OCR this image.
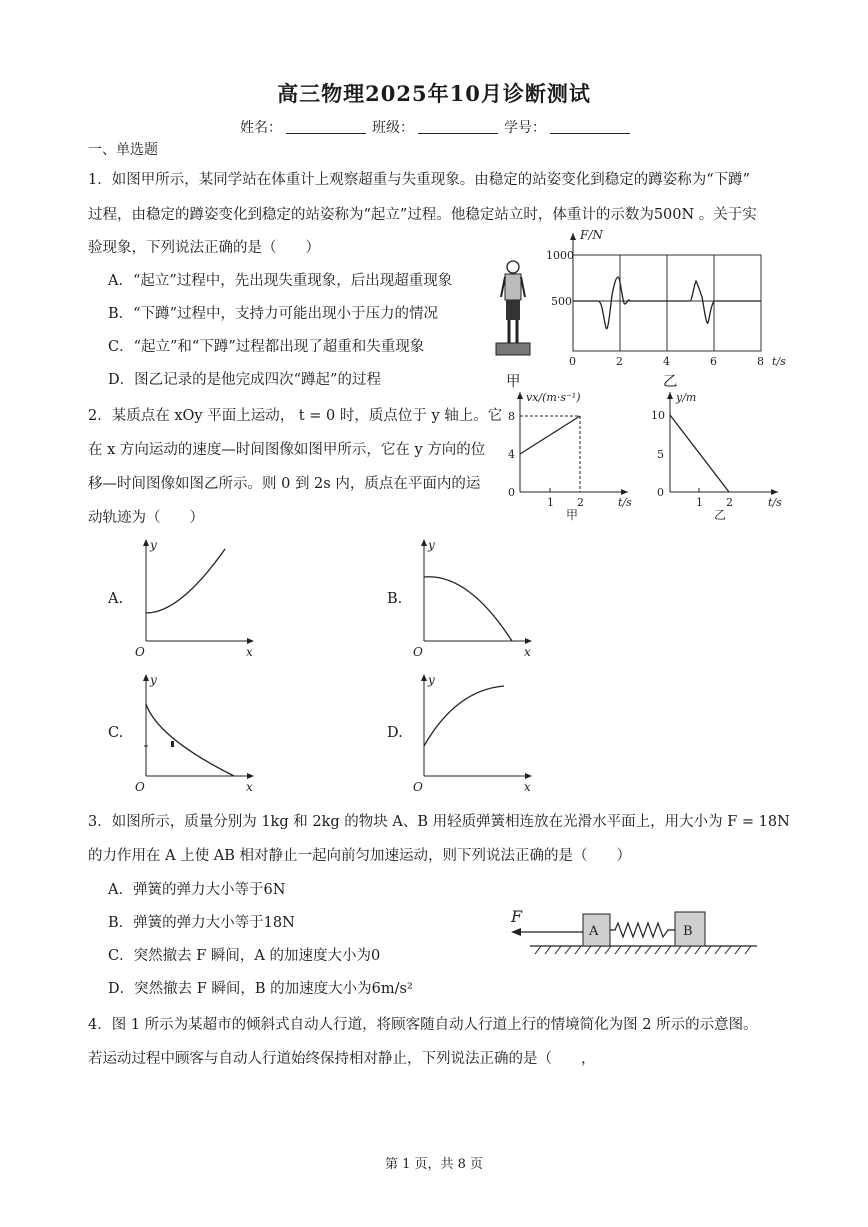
高三物理2025年10月诊断测试
姓名：	班级：	学号：
一、单选题
1．如图甲所示，某同学站在体重计上观察超重与失重现象。由稳定的站姿变化到稳定的蹲姿称为“下蹲”
过程，由稳定的蹲姿变化到稳定的站姿称为“起立”过程。他稳定站立时，体重计的示数为500N 。关于实
验现象，下列说法正确的是（　　）
A．“起立”过程中，先出现失重现象，后出现超重现象
B．“下蹲”过程中，支持力可能出现小于压力的情况
C．“起立”和“下蹲”过程都出现了超重和失重现象
D．图乙记录的是他完成四次“蹲起”的过程	甲
F/N
1000
500
0	2	4	6	8 t/s
乙
2．某质点在 xOy 平面上运动， t = 0 时，质点位于 y 轴上。它
在 x 方向运动的速度—时间图像如图甲所示，它在 y 方向的位
移—时间图像如图乙所示。则 0 到 2s 内，质点在平面内的运
动轨迹为（　　）
vx/(m·s⁻¹)
8
4
0
1 2	t/s
甲
y/m
10
5
0
1 2	t/s
乙
A.
y
O	x
B.
y
O	x
C.
y
O	x
D.
y
O	x
3．如图所示，质量分别为 1kg 和 2kg 的物块 A、B 用轻质弹簧相连放在光滑水平面上，用大小为 F = 18N
的力作用在 A 上使 AB 相对静止一起向前匀加速运动，则下列说法正确的是（　　）
A．弹簧的弹力大小等于6N
B．弹簧的弹力大小等于18N
C．突然撤去 F 瞬间，A 的加速度大小为0
D．突然撤去 F 瞬间，B 的加速度大小为6m/s²
F
A	B
4．图 1 所示为某超市的倾斜式自动人行道，将顾客随自动人行道上行的情境简化为图 2 所示的示意图。
若运动过程中顾客与自动人行道始终保持相对静止，下列说法正确的是（　　，
第 1 页，共 8 页
